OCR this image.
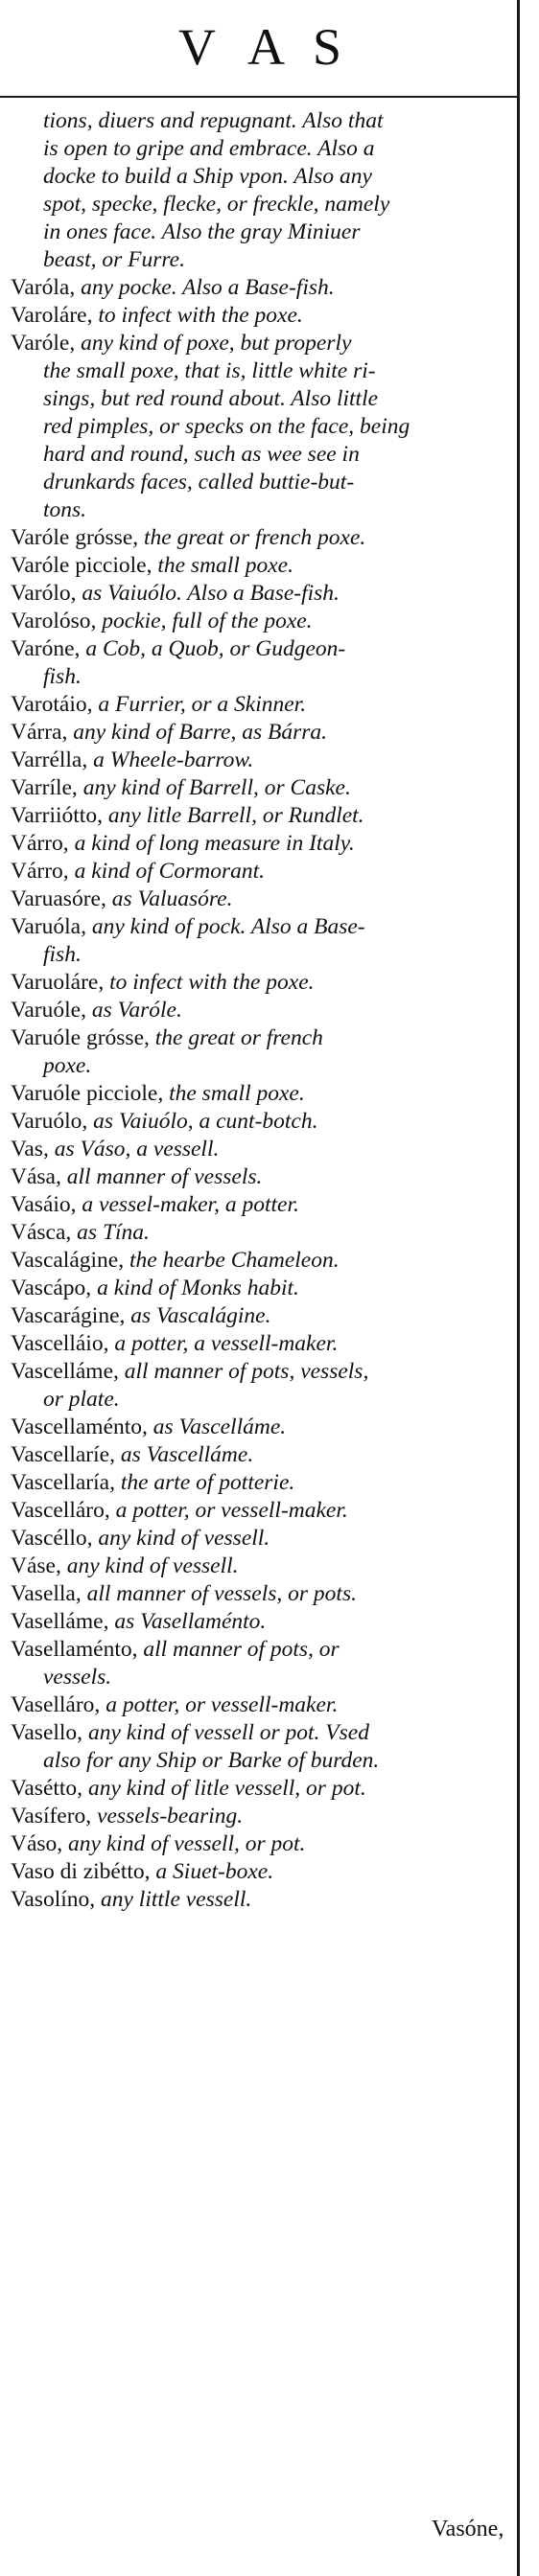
V A S
tions, diuers and repugnant. Also that
is open to gripe and embrace. Also a
docke to build a Ship vpon. Also any
spot, specke, flecke, or freckle, namely
in ones face. Also the gray Miniuer
beast, or Furre.
Varóla, any pocke. Also a Base-fish.
Varoláre, to infect with the poxe.
Varóle, any kind of poxe, but properly
the small poxe, that is, little white ri-
sings, but red round about. Also little
red pimples, or specks on the face, being
hard and round, such as wee see in
drunkards faces, called buttie-but-
tons.
Varóle grósse, the great or french poxe.
Varóle picciole, the small poxe.
Varólo, as Vaiuólo. Also a Base-fish.
Varolóso, pockie, full of the poxe.
Varóne, a Cob, a Quob, or Gudgeon-
fish.
Varotáio, a Furrier, or a Skinner.
Várra, any kind of Barre, as Bárra.
Varrélla, a Wheele-barrow.
Varríle, any kind of Barrell, or Caske.
Varriiótto, any litle Barrell, or Rundlet.
Várro, a kind of long measure in Italy.
Várro, a kind of Cormorant.
Varuasóre, as Valuasóre.
Varuóla, any kind of pock. Also a Base-
fish.
Varuoláre, to infect with the poxe.
Varuóle, as Varóle.
Varuóle grósse, the great or french
poxe.
Varuóle picciole, the small poxe.
Varuólo, as Vaiuólo, a cunt-botch.
Vas, as Váso, a vessell.
Vása, all manner of vessels.
Vasáio, a vessel-maker, a potter.
Vásca, as Tína.
Vascalágine, the hearbe Chameleon.
Vascápo, a kind of Monks habit.
Vascarágine, as Vascalágine.
Vascelláio, a potter, a vessell-maker.
Vascelláme, all manner of pots, vessels,
or plate.
Vascellaménto, as Vascelláme.
Vascellaríe, as Vascelláme.
Vascellaría, the arte of potterie.
Vascelláro, a potter, or vessell-maker.
Vascéllo, any kind of vessell.
Váse, any kind of vessell.
Vasella, all manner of vessels, or pots.
Vaselláme, as Vasellaménto.
Vasellaménto, all manner of pots, or
vessels.
Vaselláro, a potter, or vessell-maker.
Vasello, any kind of vessell or pot. Vsed
also for any Ship or Barke of burden.
Vasétto, any kind of litle vessell, or pot.
Vasífero, vessels-bearing.
Váso, any kind of vessell, or pot.
Vaso di zibétto, a Siuet-boxe.
Vasolíno, any little vessell.
Vasóne,
